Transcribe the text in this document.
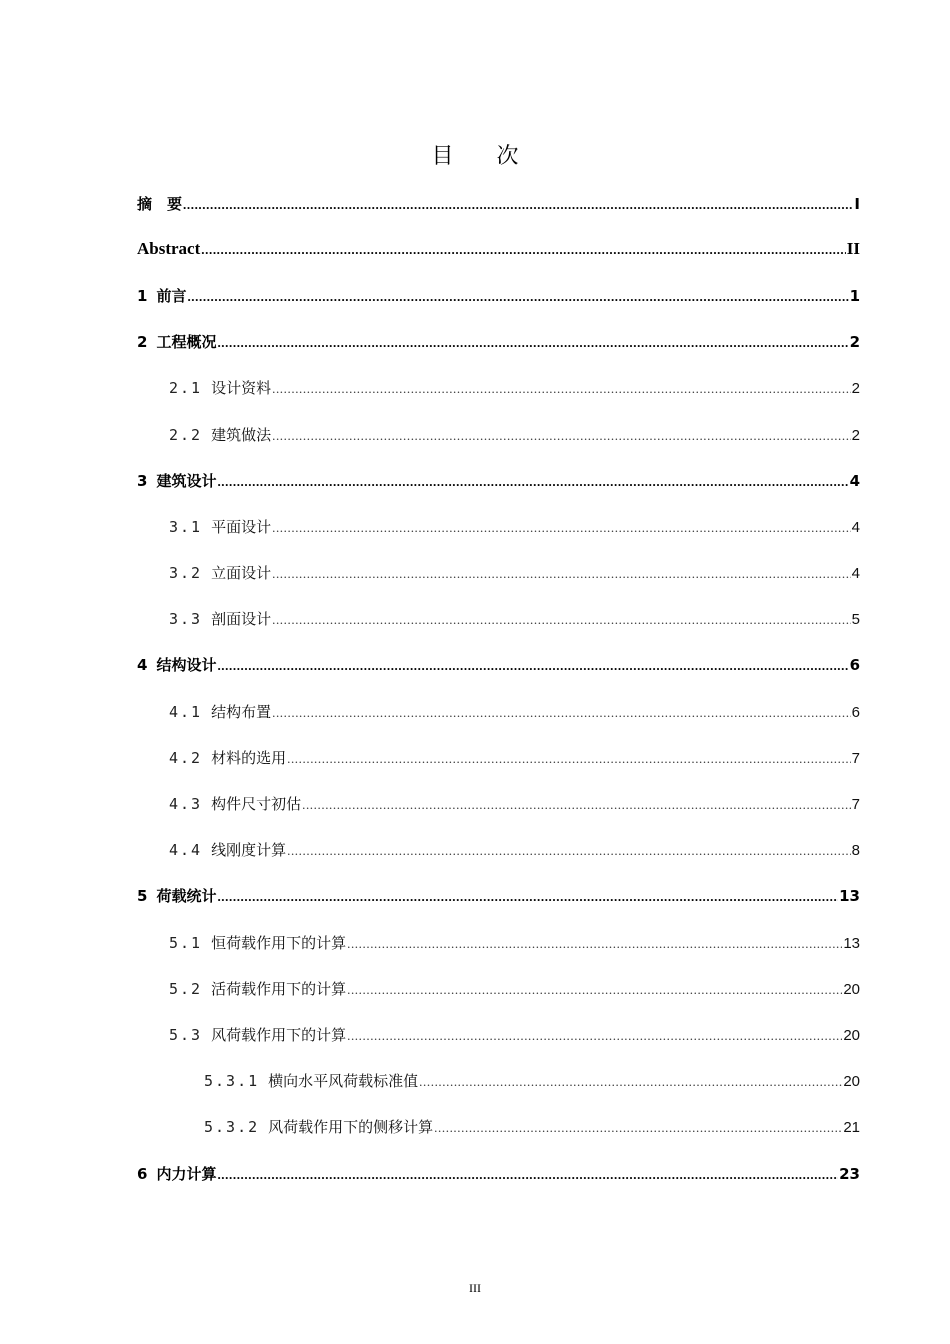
目 次
摘　要 .....	I
Abstract .....	II
1 前言 .....	1
2 工程概况 .....	2
2.1 设计资料 .....	2
2.2 建筑做法 .....	2
3 建筑设计 .....	4
3.1 平面设计 .....	4
3.2 立面设计 .....	4
3.3 剖面设计 .....	5
4 结构设计 .....	6
4.1 结构布置 .....	6
4.2 材料的选用 .....	7
4.3 构件尺寸初估 .....	7
4.4 线刚度计算 .....	8
5 荷载统计 .....	13
5.1 恒荷载作用下的计算 .....	13
5.2 活荷载作用下的计算 .....	20
5.3 风荷载作用下的计算 .....	20
5.3.1 横向水平风荷载标准值 .....	20
5.3.2 风荷载作用下的侧移计算 .....	21
6 内力计算 .....	23
III
